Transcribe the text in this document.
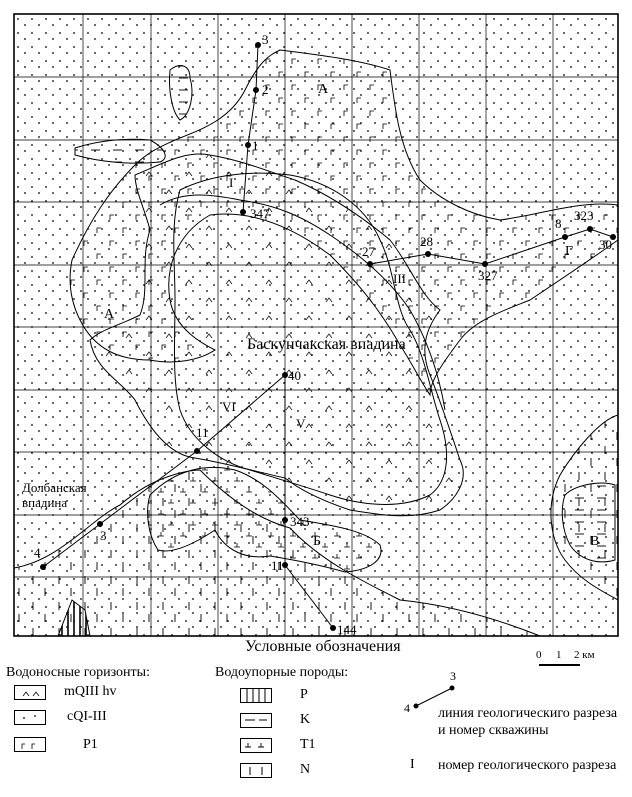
3
2
1
347
27
28
327
8
323
30
40
11
343
11
144
4
3
I
III
V
VI
А
А
Б	В
Г
Баскунчакская впадина
Долбанская впадина
Условные обозначения	0 1 2 км
Водоносные горизонты:
mQIII hv
cQI-III
P1
Водоупорные породы:
P
K
T1
N
3
4 линия геологическиго разреза и номер скважины
I номер геологического разреза
